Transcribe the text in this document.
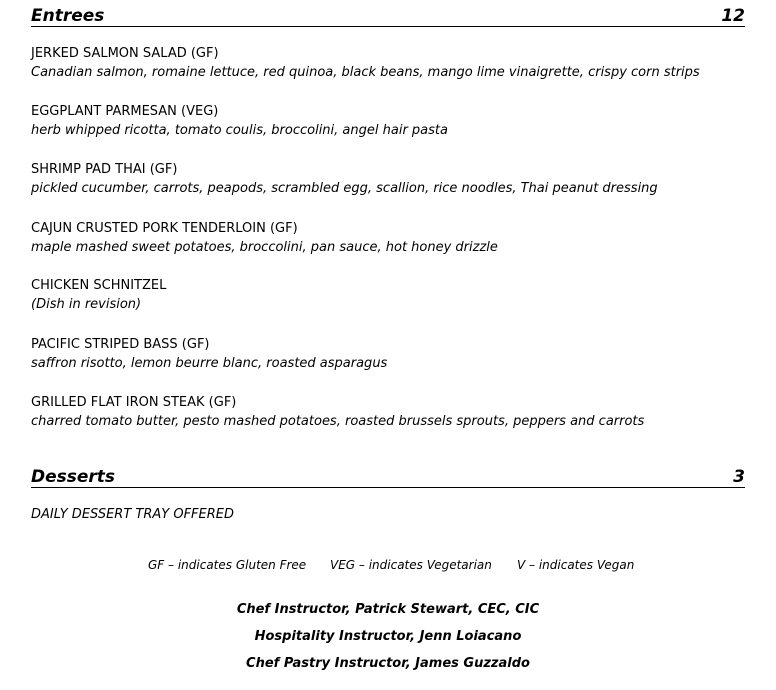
Entrees	12
JERKED SALMON SALAD (GF)
Canadian salmon, romaine lettuce, red quinoa, black beans, mango lime vinaigrette, crispy corn strips
EGGPLANT PARMESAN (VEG)
herb whipped ricotta, tomato coulis, broccolini, angel hair pasta
SHRIMP PAD THAI (GF)
pickled cucumber, carrots, peapods, scrambled egg, scallion, rice noodles, Thai peanut dressing
CAJUN CRUSTED PORK TENDERLOIN (GF)
maple mashed sweet potatoes, broccolini, pan sauce, hot honey drizzle
CHICKEN SCHNITZEL
(Dish in revision)
PACIFIC STRIPED BASS (GF)
saffron risotto, lemon beurre blanc, roasted asparagus
GRILLED FLAT IRON STEAK (GF)
charred tomato butter, pesto mashed potatoes, roasted brussels sprouts, peppers and carrots
Desserts	3
DAILY DESSERT TRAY OFFERED
GF – indicates Gluten Free VEG – indicates Vegetarian V – indicates Vegan
Chef Instructor, Patrick Stewart, CEC, CIC
Hospitality Instructor, Jenn Loiacano
Chef Pastry Instructor, James Guzzaldo
